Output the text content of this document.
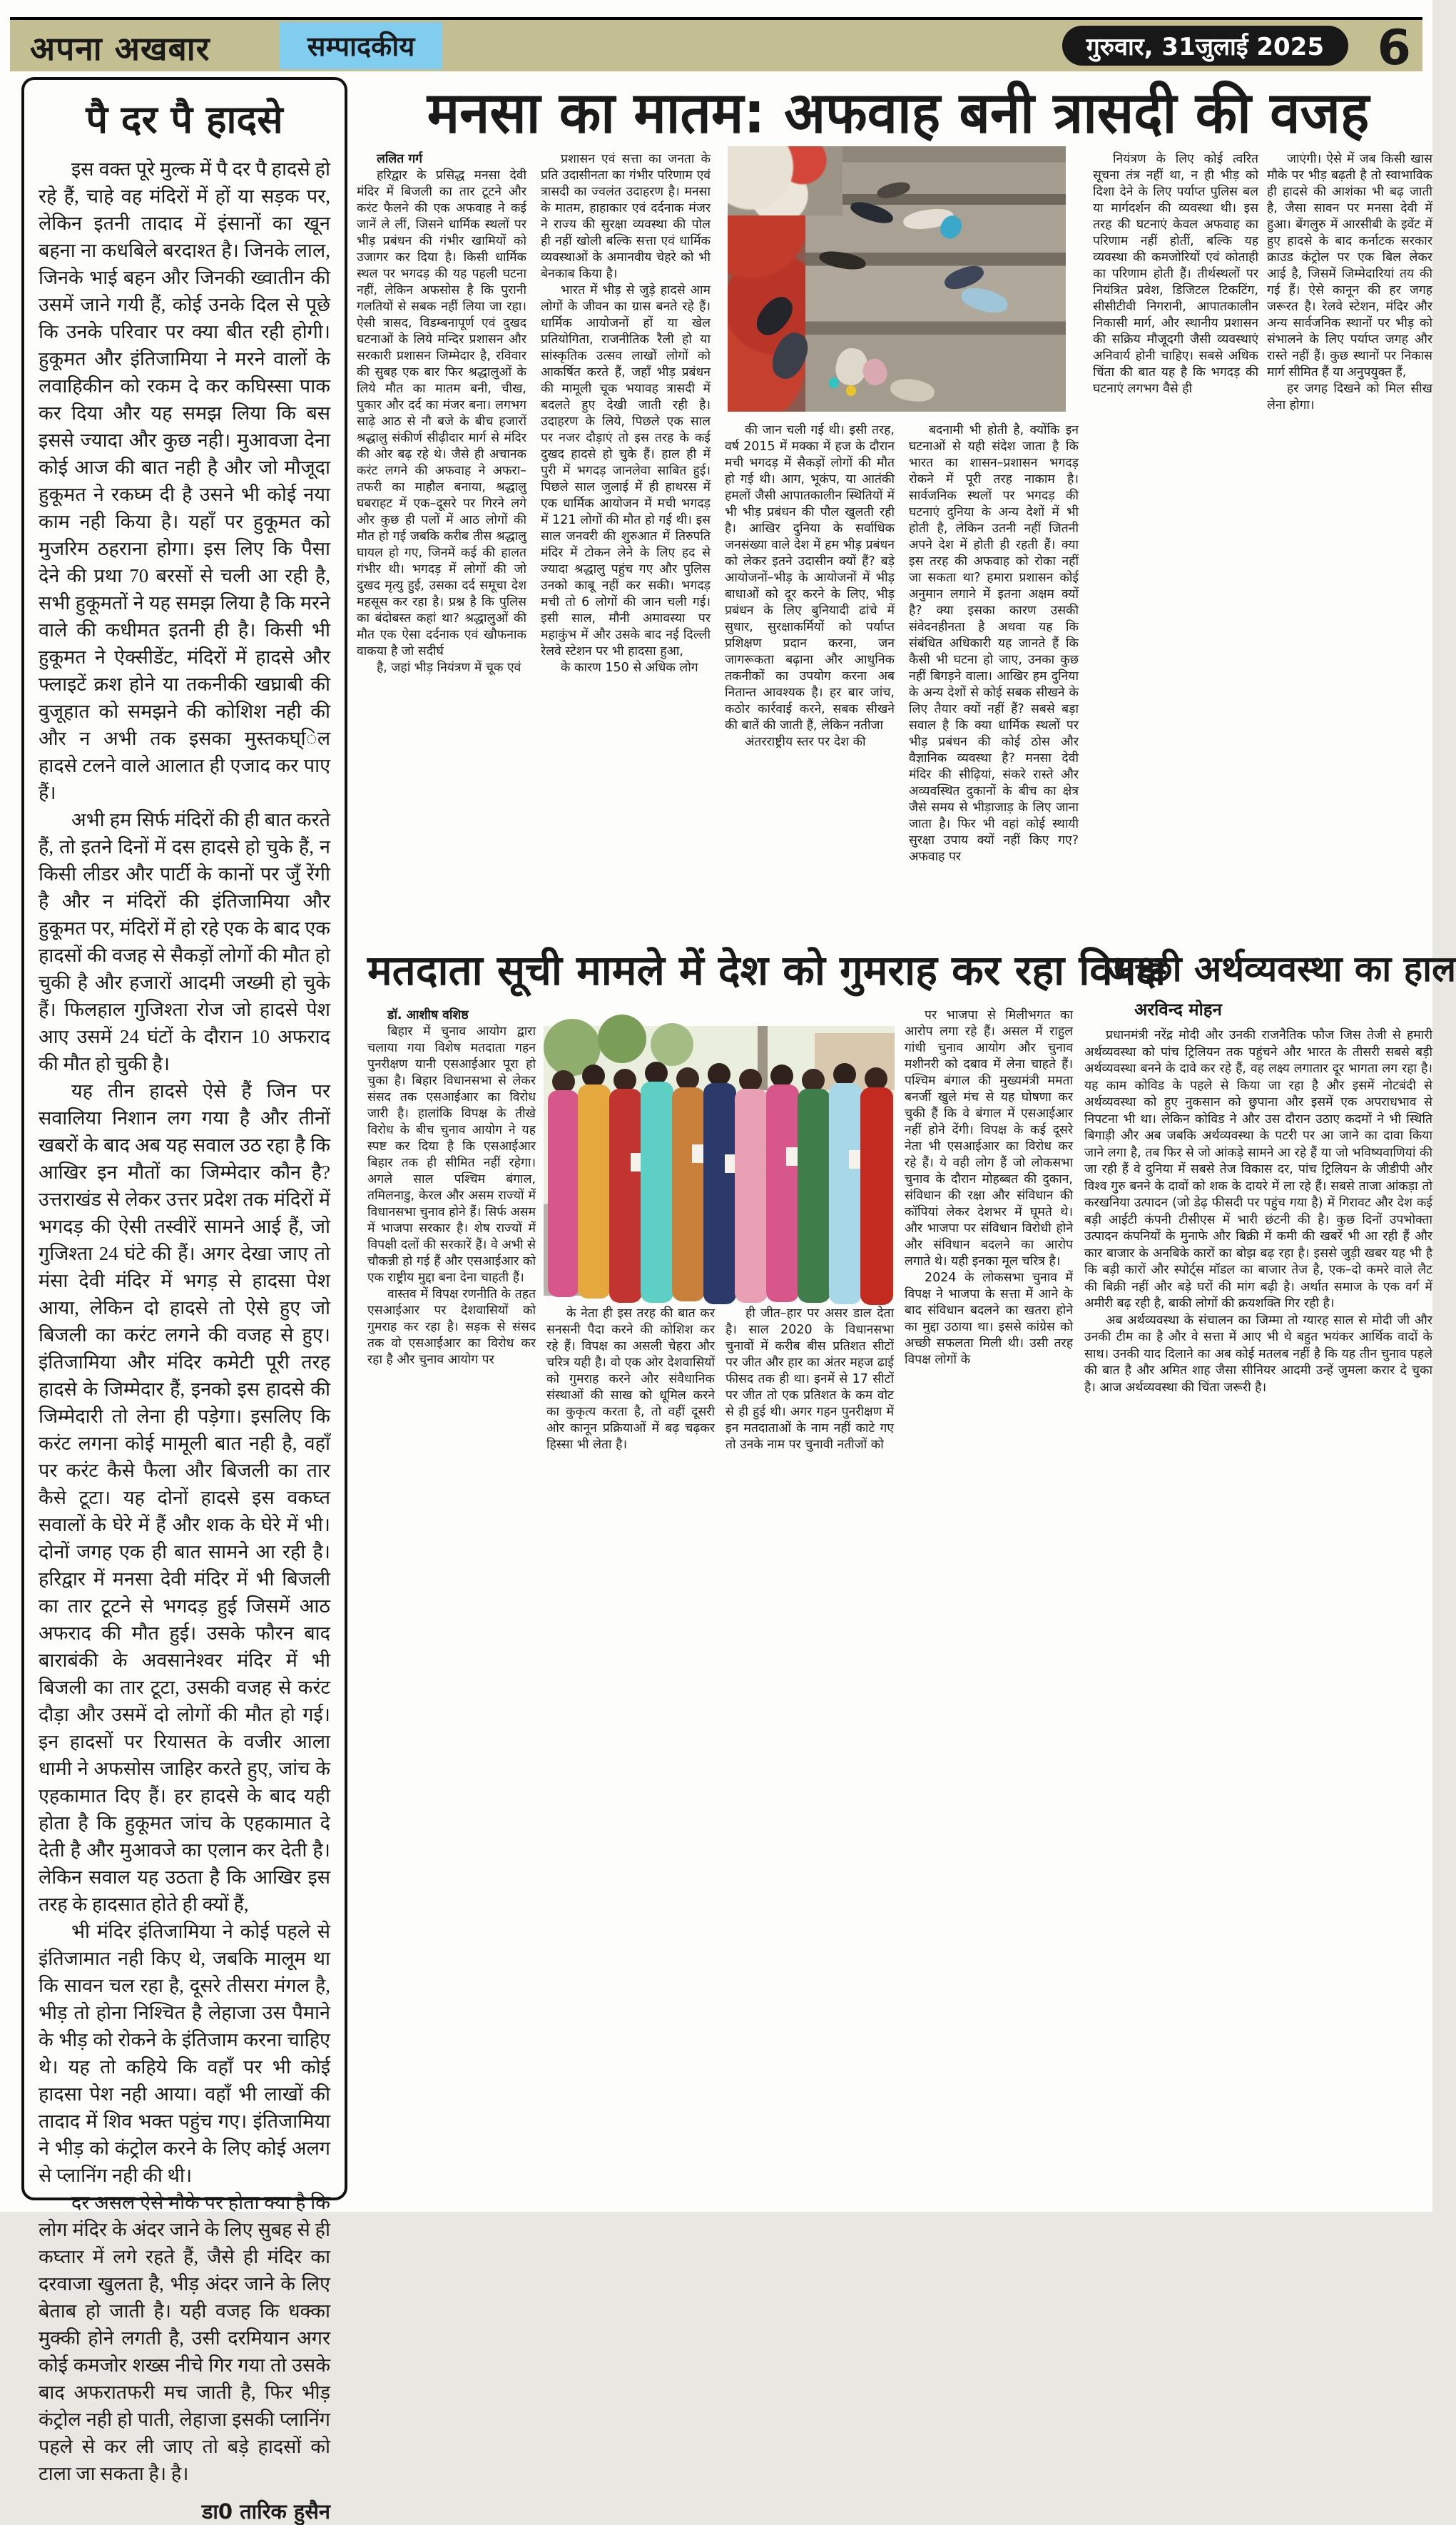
अपना अखबार	सम्पादकीय	गुरुवार, 31जुलाई 2025 6
पै दर पै हादसे

इस वक्त पूरे मुल्क में पै दर पै हादसे हो रहे हैं, चाहे वह मंदिरों में हों या सड़क पर, लेकिन इतनी तादाद में इंसानों का खून बहना ना कधबिले बरदाश्त है। जिनके लाल, जिनके भाई बहन और जिनकी ख्वातीन की उसमें जाने गयी हैं, कोई उनके दिल से पूछे कि उनके परिवार पर क्या बीत रही होगी। हुकूमत और इंतिजामिया ने मरने वालों के लवाहिकीन को रकम दे कर कघिस्सा पाक कर दिया और यह समझ लिया कि बस इससे ज्यादा और कुछ नही। मुआवजा देना कोई आज की बात नही है और जो मौजूदा हुकूमत ने रकघ्म दी है उसने भी कोई नया काम नही किया है। यहाँ पर हुकूमत को मुजरिम ठहराना होगा। इस लिए कि पैसा देने की प्रथा 70 बरसों से चली आ रही है, सभी हुकूमतों ने यह समझ लिया है कि मरने वाले की कधीमत इतनी ही है। किसी भी हुकूमत ने ऐक्सीडेंट, मंदिरों में हादसे और फ्लाइटें क्रश होने या तकनीकी खघ्राबी की वुजूहात को समझने की कोशिश नही की और न अभी तक इसका मुस्तकघ्िल हादसे टलने वाले आलात ही एजाद कर पाए हैं।

अभी हम सिर्फ मंदिरों की ही बात करते हैं, तो इतने दिनों में दस हादसे हो चुके हैं, न किसी लीडर और पार्टी के कानों पर जुँ रेंगी है और न मंदिरों की इंतिजामिया और हुकूमत पर, मंदिरों में हो रहे एक के बाद एक हादसों की वजह से सैकड़ों लोगों की मौत हो चुकी है और हजारों आदमी जख्मी हो चुके हैं। फिलहाल गुजिश्ता रोज जो हादसे पेश आए उसमें 24 घंटों के दौरान 10 अफराद की मौत हो चुकी है।

यह तीन हादसे ऐसे हैं जिन पर सवालिया निशान लग गया है और तीनों खबरों के बाद अब यह सवाल उठ रहा है कि आखिर इन मौतों का जिम्मेदार कौन है? उत्तराखंड से लेकर उत्तर प्रदेश तक मंदिरों में भगदड़ की ऐसी तस्वीरें सामने आई हैं, जो गुजिश्ता 24 घंटे की हैं। अगर देखा जाए तो मंसा देवी मंदिर में भगड़ से हादसा पेश आया, लेकिन दो हादसे तो ऐसे हुए जो बिजली का करंट लगने की वजह से हुए। इंतिजामिया और मंदिर कमेटी पूरी तरह हादसे के जिम्मेदार हैं, इनको इस हादसे की जिम्मेदारी तो लेना ही पड़ेगा। इसलिए कि करंट लगना कोई मामूली बात नही है, वहाँ पर करंट कैसे फैला और बिजली का तार कैसे टूटा। यह दोनों हादसे इस वकघ्त सवालों के घेरे में हैं और शक के घेरे में भी। दोनों जगह एक ही बात सामने आ रही है।हरिद्वार में मनसा देवी मंदिर में भी बिजली का तार टूटने से भगदड़ हुई जिसमें आठ अफराद की मौत हुई। उसके फौरन बाद बाराबंकी के अवसानेश्वर मंदिर में भी बिजली का तार टूटा, उसकी वजह से करंट दौड़ा और उसमें दो लोगों की मौत हो गई। इन हादसों पर रियासत के वजीर आला धामी ने अफसोस जाहिर करते हुए, जांच के एहकामात दिए हैं। हर हादसे के बाद यही होता है कि हुकूमत जांच के एहकामात दे देती है और मुआवजे का एलान कर देती है। लेकिन सवाल यह उठता है कि आखिर इस तरह के हादसात होते ही क्यों हैं,

भी मंदिर इंतिजामिया ने कोई पहले से इंतिजामात नही किए थे, जबकि मालूम था कि सावन चल रहा है, दूसरे तीसरा मंगल है, भीड़ तो होना निश्चित है लेहाजा उस पैमाने के भीड़ को रोकने के इंतिजाम करना चाहिए थे। यह तो कहिये कि वहाँ पर भी कोई हादसा पेश नही आया। वहाँ भी लाखों की तादाद में शिव भक्त पहुंच गए। इंतिजामिया ने भीड़ को कंट्रोल करने के लिए कोई अलग से प्लानिंग नही की थी।

दर असल ऐसे मौके पर होता क्या है कि लोग मंदिर के अंदर जाने के लिए सुबह से ही कघ्तार में लगे रहते हैं, जैसे ही मंदिर का दरवाजा खुलता है, भीड़ अंदर जाने के लिए बेताब हो जाती है। यही वजह कि धक्का मुक्की होने लगती है, उसी दरमियान अगर कोई कमजोर शख्स नीचे गिर गया तो उसके बाद अफरातफरी मच जाती है, फिर भीड़ कंट्रोल नही हो पाती, लेहाजा इसकी प्लानिंग पहले से कर ली जाए तो बड़े हादसों को टाला जा सकता है। है।

डा0 तारिक हुसैन
मनसा का मातम: अफवाह बनी त्रासदी की वजह

ललित गर्ग

हरिद्वार के प्रसिद्ध मनसा देवी मंदिर में बिजली का तार टूटने और करंट फैलने की एक अफवाह ने कई जानें ले लीं, जिसने धार्मिक स्थलों पर भीड़ प्रबंधन की गंभीर खामियों को उजागर कर दिया है। किसी धार्मिक स्थल पर भगदड़ की यह पहली घटना नहीं, लेकिन अफसोस है कि पुरानी गलतियों से सबक नहीं लिया जा रहा। ऐसी त्रासद, विडम्बनापूर्ण एवं दुखद घटनाओं के लिये मन्दिर प्रशासन और सरकारी प्रशासन जिम्मेदार है, रविवार की सुबह एक बार फिर श्रद्धालुओं के लिये मौत का मातम बनी, चीख, पुकार और दर्द का मंजर बना। लगभग साढ़े आठ से नौ बजे के बीच हजारों श्रद्धालु संकीर्ण सीढ़ीदार मार्ग से मंदिर की ओर बढ़ रहे थे। जैसे ही अचानक करंट लगने की अफवाह ने अफरा–तफरी का माहौल बनाया, श्रद्धालु घबराहट में एक–दूसरे पर गिरने लगे और कुछ ही पलों में आठ लोगों की मौत हो गई जबकि करीब तीस श्रद्धालु घायल हो गए, जिनमें कई की हालत गंभीर थी। भगदड़ में लोगों की जो दुखद मृत्यु हुई, उसका दर्द समूचा देश महसूस कर रहा है। प्रश्न है कि पुलिस का बंदोबस्त कहां था? श्रद्धालुओं की मौत एक ऐसा दर्दनाक एवं खौफनाक वाकया है जो सदीर्घ

है, जहां भीड़ नियंत्रण में चूक एवं

प्रशासन एवं सत्ता का जनता के प्रति उदासीनता का गंभीर परिणाम एवं त्रासदी का ज्वलंत उदाहरण है। मनसा के मातम, हाहाकार एवं दर्दनाक मंजर ने राज्य की सुरक्षा व्यवस्था की पोल ही नहीं खोली बल्कि सत्ता एवं धार्मिक व्यवस्थाओं के अमानवीय चेहरे को भी बेनकाब किया है।

भारत में भीड़ से जुड़े हादसे आम लोगों के जीवन का ग्रास बनते रहे हैं। धार्मिक आयोजनों हों या खेल प्रतियोगिता, राजनीतिक रैली हो या सांस्कृतिक उत्सव लाखों लोगों को आकर्षित करते हैं, जहाँ भीड़ प्रबंधन की मामूली चूक भयावह त्रासदी में बदलते हुए देखी जाती रही है। उदाहरण के लिये, पिछले एक साल पर नजर दौड़ाएं तो इस तरह के कई दुखद हादसे हो चुके हैं। हाल ही में पुरी में भगदड़ जानलेवा साबित हुई। पिछले साल जुलाई में ही हाथरस में एक धार्मिक आयोजन में मची भगदड़ में 121 लोगों की मौत हो गई थी। इस साल जनवरी की शुरुआत में तिरुपति मंदिर में टोकन लेने के लिए हद से ज्यादा श्रद्धालु पहुंच गए और पुलिस उनको काबू नहीं कर सकी। भगदड़ मची तो 6 लोगों की जान चली गई। इसी साल, मौनी अमावस्या पर महाकुंभ में और उसके बाद नई दिल्ली रेलवे स्टेशन पर भी हादसा हुआ,

के कारण 150 से अधिक लोग

की जान चली गई थी। इसी तरह, वर्ष 2015 में मक्का में हज के दौरान मची भगदड़ में सैकड़ों लोगों की मौत हो गई थी। आग, भूकंप, या आतंकी हमलों जैसी आपातकालीन स्थितियों में भी भीड़ प्रबंधन की पौल खुलती रही है। आखिर दुनिया के सर्वाधिक जनसंख्या वाले देश में हम भीड़ प्रबंधन को लेकर इतने उदासीन क्यों हैं? बड़े आयोजनों–भीड़ के आयोजनों में भीड़ बाधाओं को दूर करने के लिए, भीड़ प्रबंधन के लिए बुनियादी ढांचे में सुधार, सुरक्षाकर्मियों को पर्याप्त प्रशिक्षण प्रदान करना, जन जागरूकता बढ़ाना और आधुनिक तकनीकों का उपयोग करना अब नितान्त आवश्यक है। हर बार जांच, कठोर कार्रवाई करने, सबक सीखने की बातें की जाती हैं, लेकिन नतीजा

अंतरराष्ट्रीय स्तर पर देश की

बदनामी भी होती है, क्योंकि इन घटनाओं से यही संदेश जाता है कि भारत का शासन–प्रशासन भगदड़ रोकने में पूरी तरह नाकाम है। सार्वजनिक स्थलों पर भगदड़ की घटनाएं दुनिया के अन्य देशों में भी होती है, लेकिन उतनी नहीं जितनी अपने देश में होती ही रहती हैं। क्या इस तरह की अफवाह को रोका नहीं जा सकता था? हमारा प्रशासन कोई अनुमान लगाने में इतना अक्षम क्यों है? क्या इसका कारण उसकी संवेदनहीनता है अथवा यह कि संबंधित अधिकारी यह जानते हैं कि कैसी भी घटना हो जाए, उनका कुछ नहीं बिगड़ने वाला। आखिर हम दुनिया के अन्य देशों से कोई सबक सीखने के लिए तैयार क्यों नहीं हैं? सबसे बड़ा सवाल है कि क्या धार्मिक स्थलों पर भीड़ प्रबंधन की कोई ठोस और वैज्ञानिक व्यवस्था है? मनसा देवी मंदिर की सीढ़ियां, संकरे रास्ते और अव्यवस्थित दुकानों के बीच का क्षेत्र जैसे समय से भीड़ाजाड़ के लिए जाना जाता है। फिर भी वहां कोई स्थायी सुरक्षा उपाय क्यों नहीं किए गए? अफवाह पर

नियंत्रण के लिए कोई त्वरित सूचना तंत्र नहीं था, न ही भीड़ को दिशा देने के लिए पर्याप्त पुलिस बल या मार्गदर्शन की व्यवस्था थी। इस तरह की घटनाएं केवल अफवाह का परिणाम नहीं होतीं, बल्कि यह व्यवस्था की कमजोरियों एवं कोताही का परिणाम होती हैं। तीर्थस्थलों पर नियंत्रित प्रवेश, डिजिटल टिकटिंग, सीसीटीवी निगरानी, आपातकालीन निकासी मार्ग, और स्थानीय प्रशासन की सक्रिय मौजूदगी जैसी व्यवस्थाएं अनिवार्य होनी चाहिए। सबसे अधिक चिंता की बात यह है कि भगदड़ की घटनाएं लगभग वैसे ही

जाएंगी। ऐसे में जब किसी खास मौके पर भीड़ बढ़ती है तो स्वाभाविक ही हादसे की आशंका भी बढ़ जाती है, जैसा सावन पर मनसा देवी में हुआ। बेंगलुरु में आरसीबी के इवेंट में हुए हादसे के बाद कर्नाटक सरकार क्राउड कंट्रोल पर एक बिल लेकर आई है, जिसमें जिम्मेदारियां तय की गई हैं। ऐसे कानून की हर जगह जरूरत है। रेलवे स्टेशन, मंदिर और अन्य सार्वजनिक स्थानों पर भीड़ को संभालने के लिए पर्याप्त जगह और रास्ते नहीं हैं। कुछ स्थानों पर निकास मार्ग सीमित हैं या अनुपयुक्त हैं,

हर जगह दिखने को मिल सीख लेना होगा।

मतदाता सूची मामले में देश को गुमराह कर रहा विपक्ष

डॉ. आशीष वशिष्ठ

बिहार में चुनाव आयोग द्वारा चलाया गया विशेष मतदाता गहन पुनरीक्षण यानी एसआईआर पूरा हो चुका है। बिहार विधानसभा से लेकर संसद तक एसआईआर का विरोध जारी है। हालांकि विपक्ष के तीखे विरोध के बीच चुनाव आयोग ने यह स्पष्ट कर दिया है कि एसआईआर बिहार तक ही सीमित नहीं रहेगा। अगले साल पश्चिम बंगाल, तमिलनाडु, केरल और असम राज्यों में विधानसभा चुनाव होने हैं। सिर्फ असम में भाजपा सरकार है। शेष राज्यों में विपक्षी दलों की सरकारें हैं। वे अभी से चौकन्नी हो गई हैं और एसआईआर को एक राष्ट्रीय मुद्दा बना देना चाहती हैं।

वास्तव में विपक्ष रणनीति के तहत एसआईआर पर देशवासियों को गुमराह कर रहा है। सड़क से संसद तक वो एसआईआर का विरोध कर रहा है और चुनाव आयोग पर

के नेता ही इस तरह की बात कर सनसनी पैदा करने की कोशिश कर रहे हैं। विपक्ष का असली चेहरा और चरित्र यही है। वो एक ओर देशवासियों को गुमराह करने और संवैधानिक संस्थाओं की साख को धूमिल करने का कुकृत्य करता है, तो वहीं दूसरी ओर कानून प्रक्रियाओं में बढ़ चढ़कर हिस्सा भी लेता है।

ही जीत–हार पर असर डाल देता है। साल 2020 के विधानसभा चुनावों में करीब बीस प्रतिशत सीटों पर जीत और हार का अंतर महज ढाई फीसद तक ही था। इनमें से 17 सीटों पर जीत तो एक प्रतिशत के कम वोट से ही हुई थी। अगर गहन पुनरीक्षण में इन मतदाताओं के नाम नहीं काटे गए तो उनके नाम पर चुनावी नतीजों को

पर भाजपा से मिलीभगत का आरोप लगा रहे हैं। असल में राहुल गांधी चुनाव आयोग और चुनाव मशीनरी को दबाव में लेना चाहते हैं। पश्चिम बंगाल की मुख्यमंत्री ममता बनर्जी खुले मंच से यह घोषणा कर चुकी हैं कि वे बंगाल में एसआईआर नहीं होने देंगी। विपक्ष के कई दूसरे नेता भी एसआईआर का विरोध कर रहे हैं। ये वही लोग हैं जो लोकसभा चुनाव के दौरान मोहब्बत की दुकान, संविधान की रक्षा और संविधान की कॉपियां लेकर देशभर में घूमते थे। और भाजपा पर संविधान विरोधी होने और संविधान बदलने का आरोप लगाते थे। यही इनका मूल चरित्र है।

2024 के लोकसभा चुनाव में विपक्ष ने भाजपा के सत्ता में आने के बाद संविधान बदलने का खतरा होने का मुद्दा उठाया था। इससे कांग्रेस को अच्छी सफलता मिली थी। उसी तरह विपक्ष लोगों के

अच्छी अर्थव्यवस्था का हाल
अरविन्द मोहन

प्रधानमंत्री नरेंद्र मोदी और उनकी राजनैतिक फौज जिस तेजी से हमारी अर्थव्यवस्था को पांच ट्रिलियन तक पहुंचने और भारत के तीसरी सबसे बड़ी अर्थव्यवस्था बनने के दावे कर रहे हैं, वह लक्ष्य लगातार दूर भागता लग रहा है। यह काम कोविड के पहले से किया जा रहा है और इसमें नोटबंदी से अर्थव्यवस्था को हुए नुकसान को छुपाना और इसमें एक अपराधभाव से निपटना भी था। लेकिन कोविड ने और उस दौरान उठाए कदमों ने भी स्थिति बिगाड़ी और अब जबकि अर्थव्यवस्था के पटरी पर आ जाने का दावा किया जाने लगा है, तब फिर से जो आंकड़े सामने आ रहे हैं या जो भविष्यवाणियां की जा रही हैं वे दुनिया में सबसे तेज विकास दर, पांच ट्रिलियन के जीडीपी और विश्व गुरु बनने के दावों को शक के दायरे में ला रहे हैं। सबसे ताजा आंकड़ा तो करखनिया उत्पादन (जो डेढ़ फीसदी पर पहुंच गया है) में गिरावट और देश कई बड़ी आईटी कंपनी टीसीएस में भारी छंटनी की है। कुछ दिनों उपभोक्ता उत्पादन कंपनियों के मुनाफे और बिक्री में कमी की खबरें भी आ रही हैं और कार बाजार के अनबिके कारों का बोझ बढ़ रहा है। इससे जुड़ी खबर यह भी है कि बड़ी कारों और स्पोर्ट्स मॉडल का बाजार तेज है, एक–दो कमरे वाले लैट की बिक्री नहीं और बड़े घरों की मांग बढ़ी है। अर्थात समाज के एक वर्ग में अमीरी बढ़ रही है, बाकी लोगों की क्रयशक्ति गिर रही है।

अब अर्थव्यवस्था के संचालन का जिम्मा तो ग्यारह साल से मोदी जी और उनकी टीम का है और वे सत्ता में आए भी थे बहुत भयंकर आर्थिक वादों के साथ। उनकी याद दिलाने का अब कोई मतलब नहीं है कि यह तीन चुनाव पहले की बात है और अमित शाह जैसा सीनियर आदमी उन्हें जुमला करार दे चुका है। आज अर्थव्यवस्था की चिंता जरूरी है।
